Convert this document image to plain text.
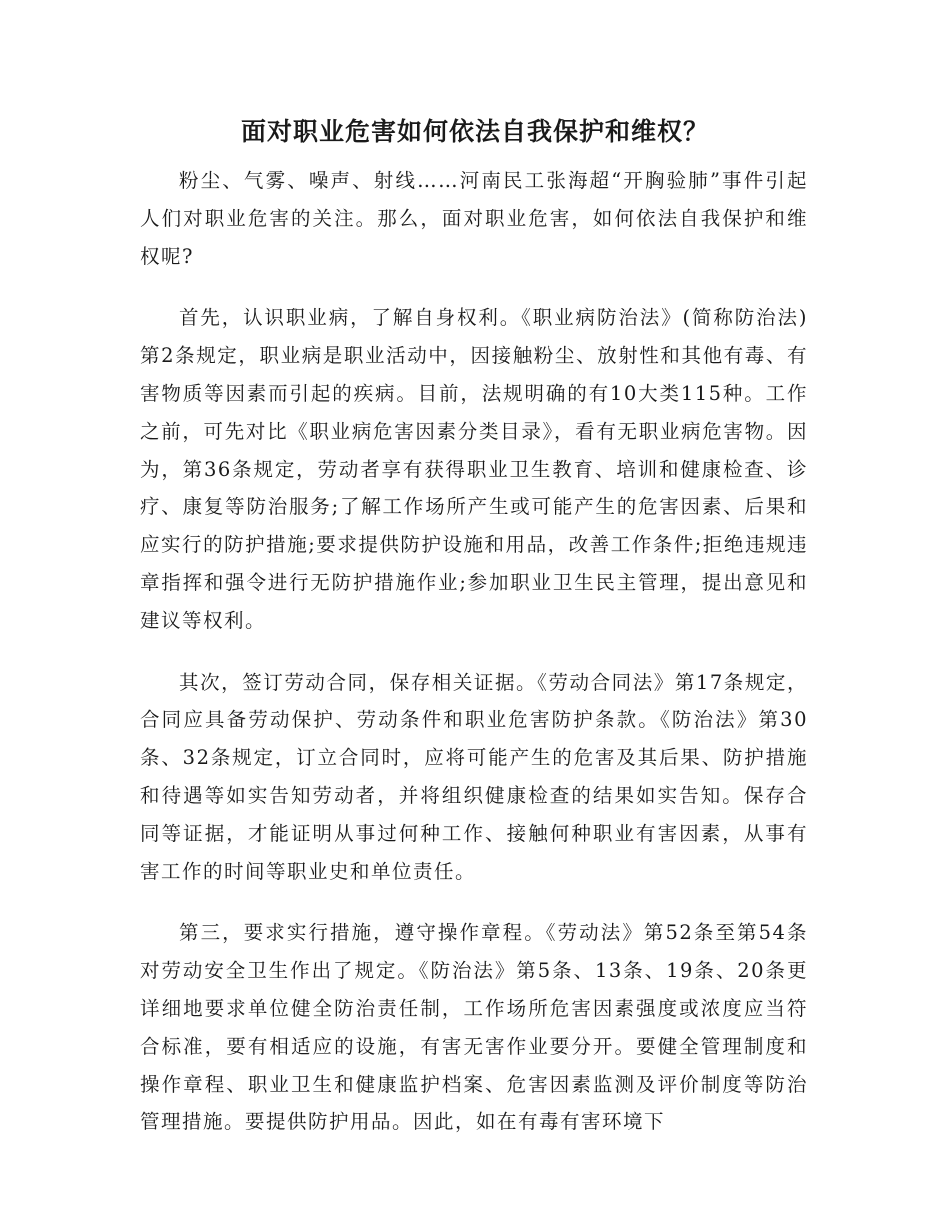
面对职业危害如何依法自我保护和维权？

粉尘、气雾、噪声、射线……河南民工张海超“开胸验肺”事件引起人们对职业危害的关注。那么，面对职业危害，如何依法自我保护和维权呢?

首先，认识职业病，了解自身权利。《职业病防治法》(简称防治法)第2条规定，职业病是职业活动中，因接触粉尘、放射性和其他有毒、有害物质等因素而引起的疾病。目前，法规明确的有10大类115种。工作之前，可先对比《职业病危害因素分类目录》，看有无职业病危害物。因为，第36条规定，劳动者享有获得职业卫生教育、培训和健康检查、诊疗、康复等防治服务;了解工作场所产生或可能产生的危害因素、后果和应实行的防护措施;要求提供防护设施和用品，改善工作条件;拒绝违规违章指挥和强令进行无防护措施作业;参加职业卫生民主管理，提出意见和建议等权利。

其次，签订劳动合同，保存相关证据。《劳动合同法》第17条规定，合同应具备劳动保护、劳动条件和职业危害防护条款。《防治法》第30条、32条规定，订立合同时，应将可能产生的危害及其后果、防护措施和待遇等如实告知劳动者，并将组织健康检查的结果如实告知。保存合同等证据，才能证明从事过何种工作、接触何种职业有害因素，从事有害工作的时间等职业史和单位责任。

第三，要求实行措施，遵守操作章程。《劳动法》第52条至第54条对劳动安全卫生作出了规定。《防治法》第5条、13条、19条、20条更详细地要求单位健全防治责任制，工作场所危害因素强度或浓度应当符合标准，要有相适应的设施，有害无害作业要分开。要健全管理制度和操作章程、职业卫生和健康监护档案、危害因素监测及评价制度等防治管理措施。要提供防护用品。因此，如在有毒有害环境下
